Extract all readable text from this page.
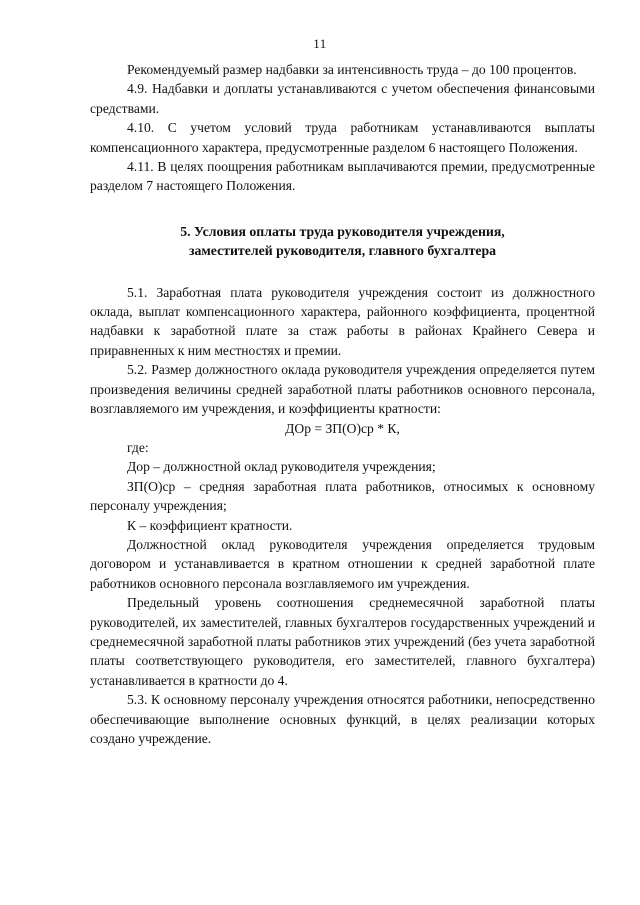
11

Рекомендуемый размер надбавки за интенсивность труда – до 100 процентов.

4.9. Надбавки и доплаты устанавливаются с учетом обеспечения финансовыми средствами.

4.10. С учетом условий труда работникам устанавливаются выплаты компенсационного характера, предусмотренные разделом 6 настоящего Положения.

4.11. В целях поощрения работникам выплачиваются премии, предусмотренные разделом 7 настоящего Положения.

5. Условия оплаты труда руководителя учреждения,
заместителей руководителя, главного бухгалтера

5.1. Заработная плата руководителя учреждения состоит из должностного оклада, выплат компенсационного характера, районного коэффициента, процентной надбавки к заработной плате за стаж работы в районах Крайнего Севера и приравненных к ним местностях и премии.

5.2. Размер должностного оклада руководителя учреждения определяется путем произведения величины средней заработной платы работников основного персонала, возглавляемого им учреждения, и коэффициенты кратности:

ДОр = ЗП(О)ср * К,

где:

Дор – должностной оклад руководителя учреждения;

ЗП(О)ср – средняя заработная плата работников, относимых к основному персоналу учреждения;

К – коэффициент кратности.

Должностной оклад руководителя учреждения определяется трудовым договором и устанавливается в кратном отношении к средней заработной плате работников основного персонала возглавляемого им учреждения.

Предельный уровень соотношения среднемесячной заработной платы руководителей, их заместителей, главных бухгалтеров государственных учреждений и среднемесячной заработной платы работников этих учреждений (без учета заработной платы соответствующего руководителя, его заместителей, главного бухгалтера) устанавливается в кратности до 4.

5.3. К основному персоналу учреждения относятся работники, непосредственно обеспечивающие выполнение основных функций, в целях реализации которых создано учреждение.
